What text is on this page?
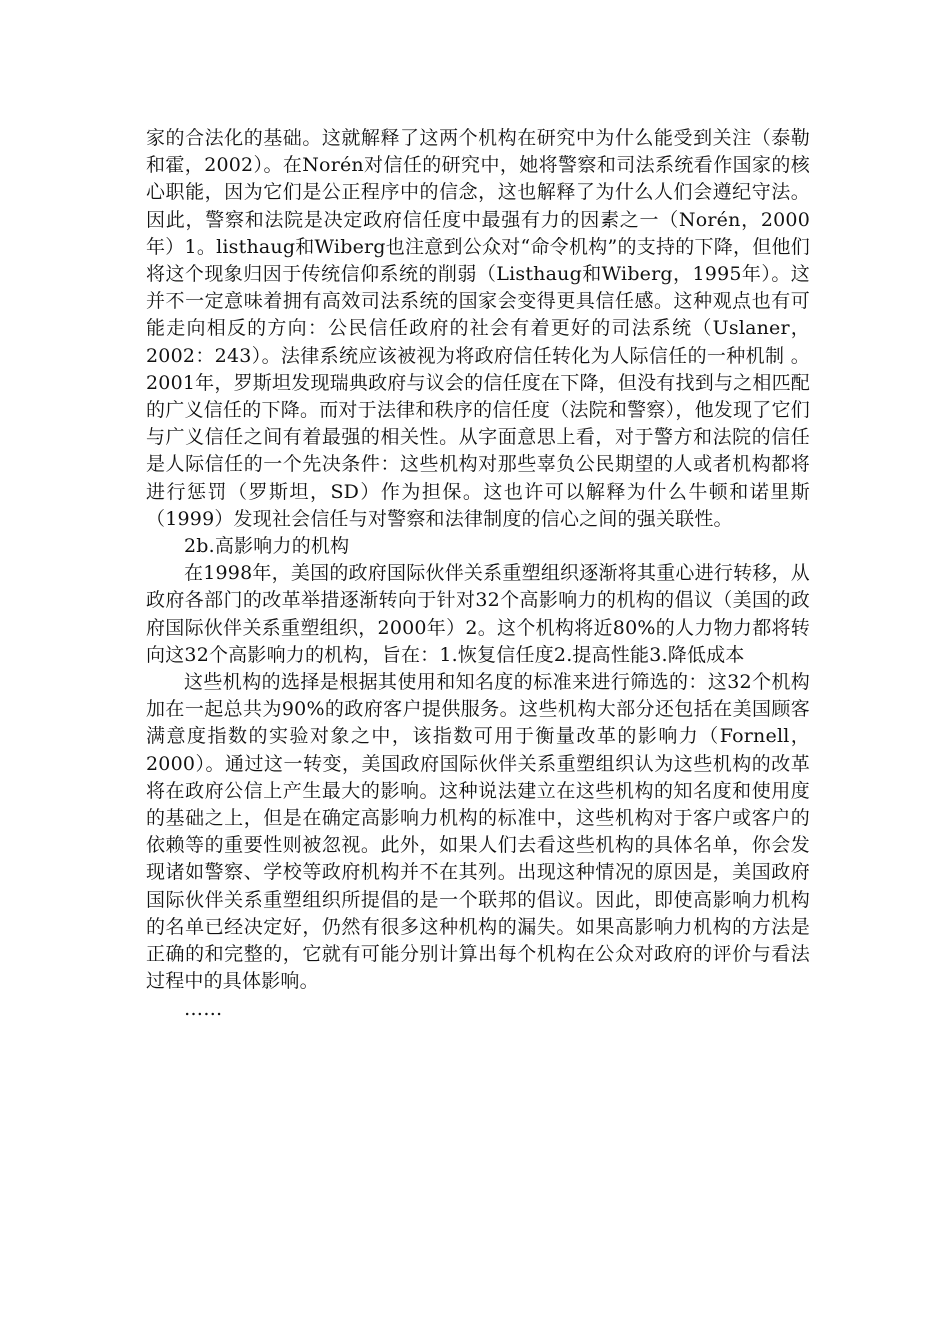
家的合法化的基础。这就解释了这两个机构在研究中为什么能受到关注（泰勒和霍，2002）。在Norén对信任的研究中，她将警察和司法系统看作国家的核心职能，因为它们是公正程序中的信念，这也解释了为什么人们会遵纪守法。因此，警察和法院是决定政府信任度中最强有力的因素之一（Norén，2000年）1。listhaug和Wiberg也注意到公众对“命令机构”的支持的下降，但他们将这个现象归因于传统信仰系统的削弱（Listhaug和Wiberg，1995年）。这并不一定意味着拥有高效司法系统的国家会变得更具信任感。这种观点也有可能走向相反的方向：公民信任政府的社会有着更好的司法系统（Uslaner，2002：243）。法律系统应该被视为将政府信任转化为人际信任的一种机制 。2001年，罗斯坦发现瑞典政府与议会的信任度在下降，但没有找到与之相匹配的广义信任的下降。而对于法律和秩序的信任度（法院和警察），他发现了它们与广义信任之间有着最强的相关性。从字面意思上看，对于警方和法院的信任是人际信任的一个先决条件：这些机构对那些辜负公民期望的人或者机构都将进行惩罚（罗斯坦，SD）作为担保。这也许可以解释为什么牛顿和诺里斯（1999）发现社会信任与对警察和法律制度的信心之间的强关联性。

2b.高影响力的机构

在1998年，美国的政府国际伙伴关系重塑组织逐渐将其重心进行转移，从政府各部门的改革举措逐渐转向于针对32个高影响力的机构的倡议（美国的政府国际伙伴关系重塑组织，2000年）2。这个机构将近80%的人力物力都将转向这32个高影响力的机构，旨在：1.恢复信任度2.提高性能3.降低成本

这些机构的选择是根据其使用和知名度的标准来进行筛选的：这32个机构加在一起总共为90%的政府客户提供服务。这些机构大部分还包括在美国顾客满意度指数的实验对象之中，该指数可用于衡量改革的影响力（Fornell，2000）。通过这一转变，美国政府国际伙伴关系重塑组织认为这些机构的改革将在政府公信上产生最大的影响。这种说法建立在这些机构的知名度和使用度的基础之上，但是在确定高影响力机构的标准中，这些机构对于客户或客户的依赖等的重要性则被忽视。此外，如果人们去看这些机构的具体名单，你会发现诸如警察、学校等政府机构并不在其列。出现这种情况的原因是，美国政府国际伙伴关系重塑组织所提倡的是一个联邦的倡议。因此，即使高影响力机构的名单已经决定好，仍然有很多这种机构的漏失。如果高影响力机构的方法是正确的和完整的，它就有可能分别计算出每个机构在公众对政府的评价与看法过程中的具体影响。

……
